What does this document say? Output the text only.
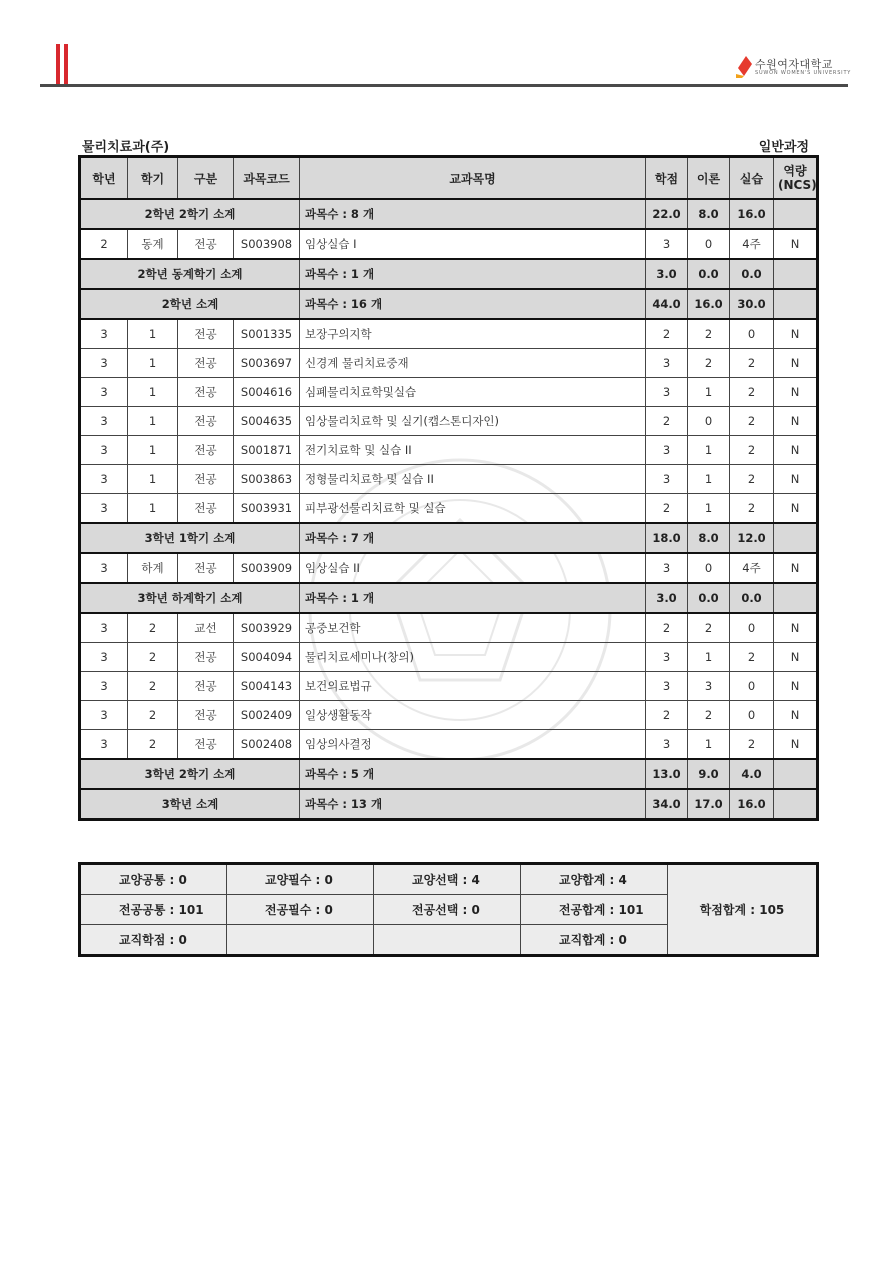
수원여자대학교
SUWON WOMEN'S UNIVERSITY
물리치료과(주)	일반과정
학년	학기	구분	과목코드	교과목명	학점	이론	실습	역량(NCS)
2학년 2학기 소계				과목수 : 8 개	22.0	8.0	16.0	
2	동계	전공	S003908	임상실습 I	3	0	4주	N
2학년 동계학기 소계				과목수 : 1 개	3.0	0.0	0.0	
2학년 소계				과목수 : 16 개	44.0	16.0	30.0	
3	1	전공	S001335	보장구의지학	2	2	0	N
3	1	전공	S003697	신경계 물리치료중재	3	2	2	N
3	1	전공	S004616	심폐물리치료학및실습	3	1	2	N
3	1	전공	S004635	임상물리치료학 및 실기(캡스톤디자인)	2	0	2	N
3	1	전공	S001871	전기치료학 및 실습 II	3	1	2	N
3	1	전공	S003863	정형물리치료학 및 실습 II	3	1	2	N
3	1	전공	S003931	피부광선물리치료학 및 실습	2	1	2	N
3학년 1학기 소계				과목수 : 7 개	18.0	8.0	12.0	
3	하계	전공	S003909	임상실습 II	3	0	4주	N
3학년 하계학기 소계				과목수 : 1 개	3.0	0.0	0.0	
3	2	교선	S003929	공중보건학	2	2	0	N
3	2	전공	S004094	물리치료세미나(창의)	3	1	2	N
3	2	전공	S004143	보건의료법규	3	3	0	N
3	2	전공	S002409	일상생활동작	2	2	0	N
3	2	전공	S002408	임상의사결정	3	1	2	N
3학년 2학기 소계				과목수 : 5 개	13.0	9.0	4.0	
3학년 소계				과목수 : 13 개	34.0	17.0	16.0	
교양공통 : 0	교양필수 : 0	교양선택 : 4	교양합계 : 4	학점합계 : 105
전공공통 : 101	전공필수 : 0	전공선택 : 0	전공합계 : 101	
교직학점 : 0			교직합계 : 0	
